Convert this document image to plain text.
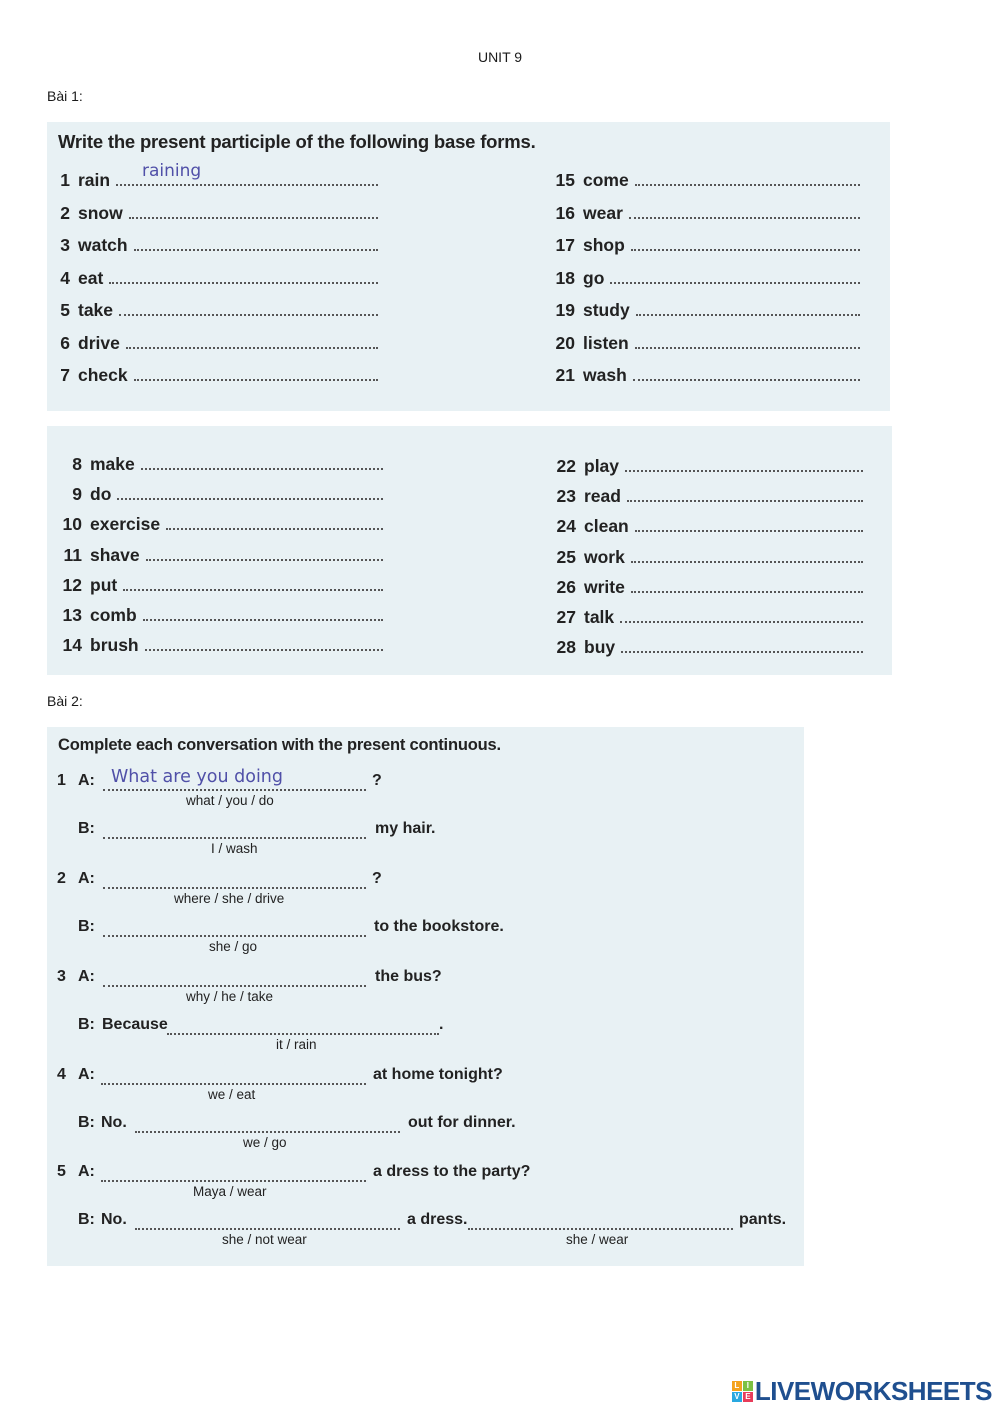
UNIT 9
Bài 1:
Write the present participle of the following base forms.
1 rain
2 snow
3 watch
4 eat
5 take
6 drive
7 check
15 come
16 wear
17 shop
18 go
19 study
20 listen
21 wash
raining
8 make
9 do
10 exercise
11 shave
12 put
13 comb
14 brush
22 play
23 read
24 clean
25 work
26 write
27 talk
28 buy
Bài 2:
Complete each conversation with the present continuous.
1 A:	?
what / you / do
B:	my hair.
I / wash
2 A:	?
where / she / drive
B:	to the bookstore.
she / go
3 A:	the bus?
why / he / take
B: Because	.
it / rain
4 A:	at home tonight?
we / eat
B: No.	out for dinner.
we / go
5 A:	a dress to the party?
Maya / wear
B: No.	a dress.
she / not wear
pants.
she / wear
What are you doing
L I
V E LIVEWORKSHEETS
